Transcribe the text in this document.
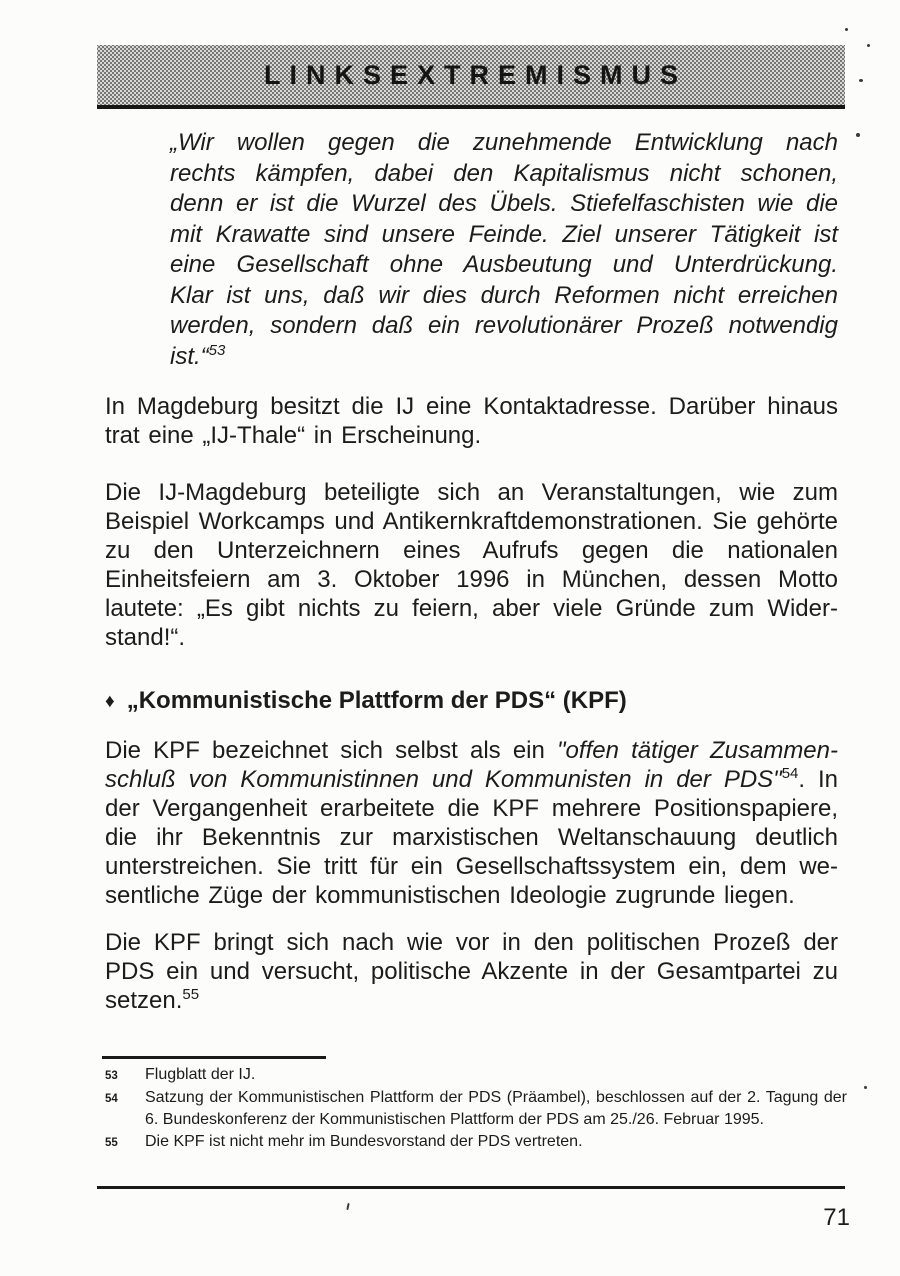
LINKSEXTREMISMUS
„Wir wollen gegen die zunehmende Entwicklung nach rechts kämpfen, dabei den Kapitalismus nicht schonen, denn er ist die Wurzel des Übels. Stiefelfaschisten wie die mit Krawatte sind unsere Feinde. Ziel unserer Tätigkeit ist eine Gesellschaft ohne Ausbeutung und Unterdrückung. Klar ist uns, daß wir dies durch Reformen nicht erreichen werden, sondern daß ein revolutionärer Prozeß notwendig ist.“$^{53}$

In Magdeburg besitzt die IJ eine Kontaktadresse. Darüber hinaus trat eine „IJ-Thale“ in Erscheinung.

Die IJ-Magdeburg beteiligte sich an Veranstaltungen, wie zum Beispiel Workcamps und Antikernkraftdemonstrationen. Sie gehörte zu den Unterzeichnern eines Aufrufs gegen die nationalen Einheitsfeiern am 3. Oktober 1996 in München, dessen Motto lautete: „Es gibt nichts zu feiern, aber viele Gründe zum Widerstand!“.

♦ „Kommunistische Plattform der PDS“ (KPF)

Die KPF bezeichnet sich selbst als ein "offen tätiger Zusammenschluß von Kommunistinnen und Kommunisten in der PDS"$^{54}$. In der Vergangenheit erarbeitete die KPF mehrere Positionspapiere, die ihr Bekenntnis zur marxistischen Weltanschauung deutlich unterstreichen. Sie tritt für ein Gesellschaftssystem ein, dem wesentliche Züge der kommunistischen Ideologie zugrunde liegen.

Die KPF bringt sich nach wie vor in den politischen Prozeß der PDS ein und versucht, politische Akzente in der Gesamtpartei zu setzen.$^{55}$

53	Flugblatt der IJ.
54	Satzung der Kommunistischen Plattform der PDS (Präambel), beschlossen auf der 2. Tagung der 6. Bundeskonferenz der Kommunistischen Plattform der PDS am 25./26. Februar 1995.
55	Die KPF ist nicht mehr im Bundesvorstand der PDS vertreten.
71
